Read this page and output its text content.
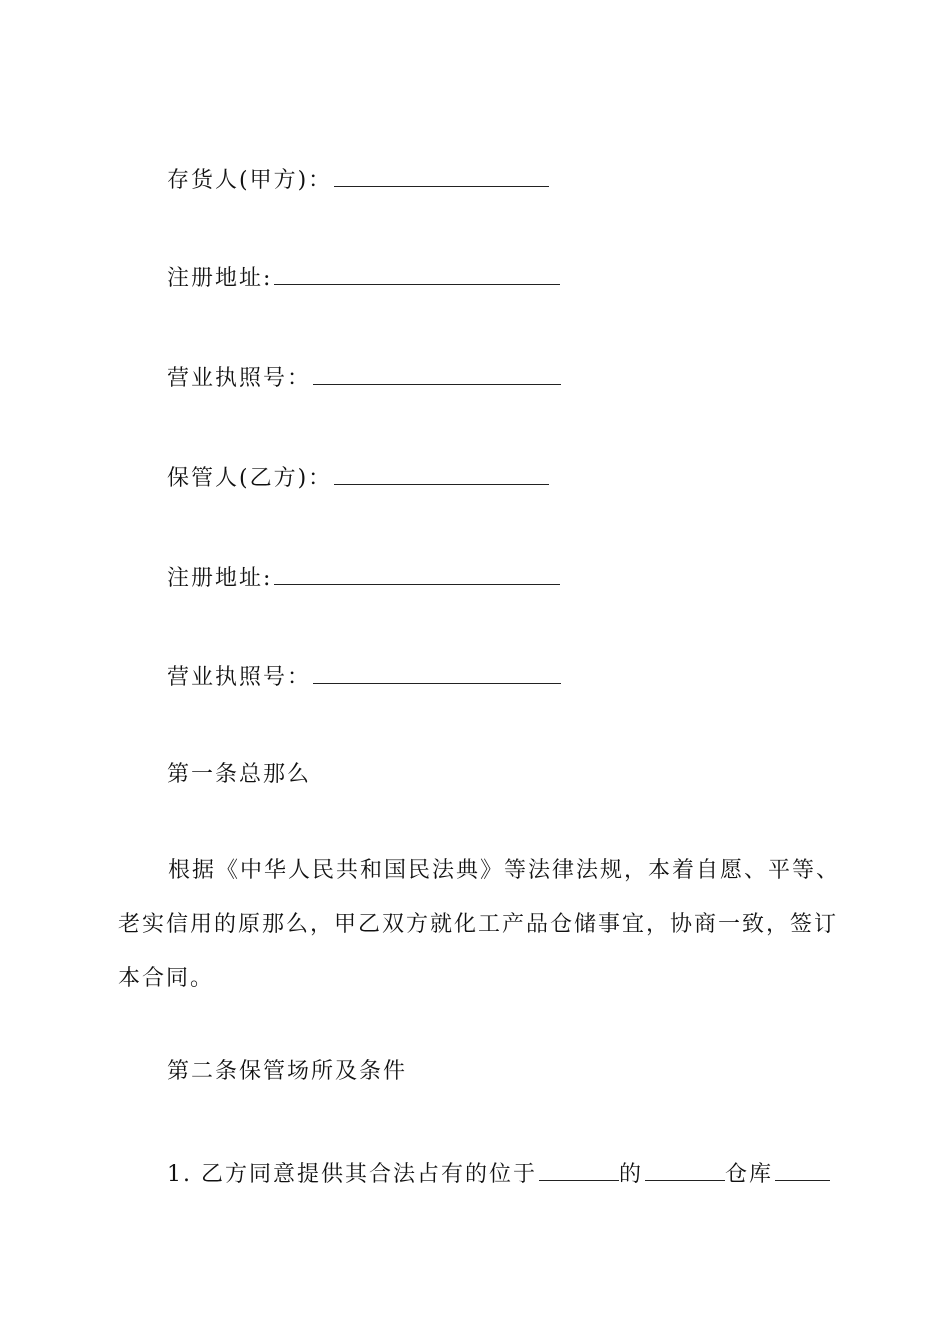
存货人(甲方)：
注册地址:
营业执照号：
保管人(乙方)：
注册地址:
营业执照号：
第一条总那么
根据《中华人民共和国民法典》等法律法规，本着自愿、平等、老实信用的原那么，甲乙双方就化工产品仓储事宜，协商一致，签订本合同。
第二条保管场所及条件
1. 乙方同意提供其合法占有的位于	的	仓库
